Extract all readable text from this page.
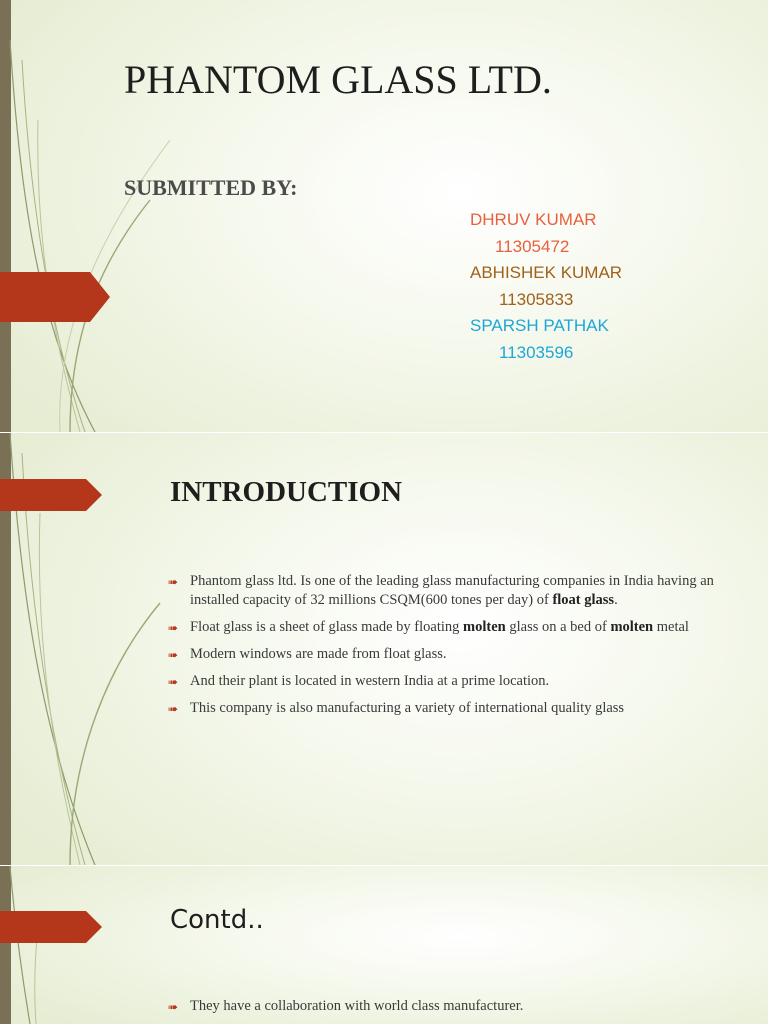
PHANTOM GLASS LTD.
SUBMITTED BY:
DHRUV KUMAR
11305472
ABHISHEK KUMAR
11305833
SPARSH PATHAK
11303596
INTRODUCTION
➠ Phantom glass ltd. Is one of the leading glass manufacturing companies in India having an installed capacity of 32 millions CSQM(600 tones per day) of float glass.
➠ Float glass is a sheet of glass made by floating molten glass on a bed of molten metal
➠ Modern windows are made from float glass.
➠ And their plant is located in western India at a prime location.
➠ This company is also manufacturing a variety of international quality glass
Contd..
➠ They have a collaboration with world class manufacturer.
